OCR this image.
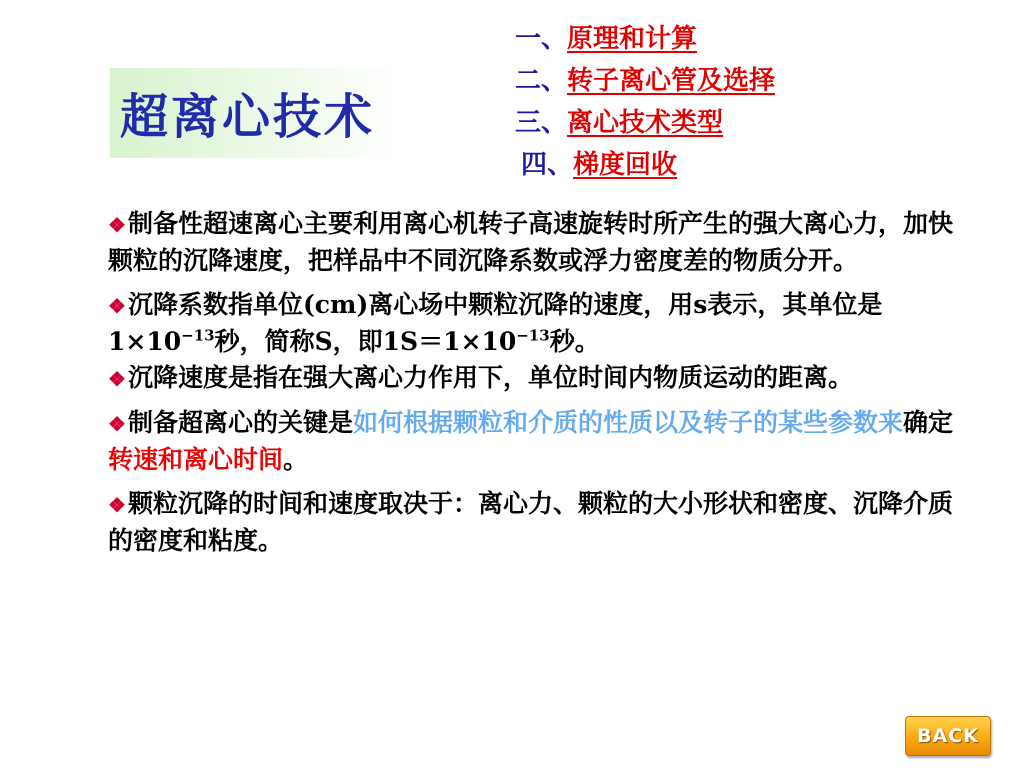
超离心技术
一、原理和计算
二、转子离心管及选择
三、离心技术类型
四、梯度回收

❖制备性超速离心主要利用离心机转子高速旋转时所产生的强大离心力，加快颗粒的沉降速度，把样品中不同沉降系数或浮力密度差的物质分开。

❖沉降系数指单位(cm)离心场中颗粒沉降的速度，用s表示，其单位是$1\times 10^{-13}$秒，简称S，即$1S=1\times 10^{-13}$秒。

❖沉降速度是指在强大离心力作用下，单位时间内物质运动的距离。

❖制备超离心的关键是如何根据颗粒和介质的性质以及转子的某些参数来确定转速和离心时间。

❖颗粒沉降的时间和速度取决于：离心力、颗粒的大小形状和密度、沉降介质的密度和粘度。

BACK
